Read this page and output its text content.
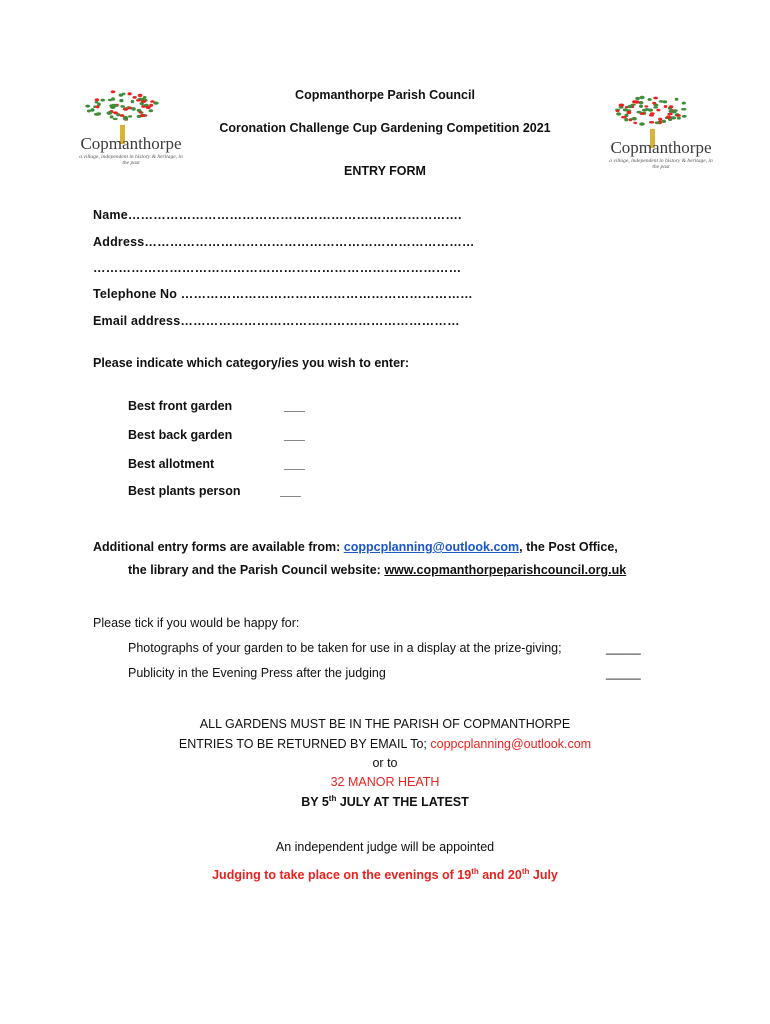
Copmanthorpe
a village, independent in history & heritage, in the past
Copmanthorpe
a village, independent in history & heritage, in the past
Copmanthorpe Parish Council
Coronation Challenge Cup Gardening Competition 2021
ENTRY FORM
Name…………………………………………………………………….
Address……………………………………………………………………
……………………………………………………………………………
Telephone No ……………………………………………………………
Email address…………………………………………………………
Please indicate which category/ies you wish to enter:
Best front garden	___
Best back garden	___
Best allotment	___
Best plants person	___
Additional entry forms are available from: coppcplanning@outlook.com, the Post Office,
the library and the Parish Council website: www.copmanthorpeparishcouncil.org.uk
Please tick if you would be happy for:
Photographs of your garden to be taken for use in a display at the prize-giving;	_____
Publicity in the Evening Press after the judging	_____
ALL GARDENS MUST BE IN THE PARISH OF COPMANTHORPE
ENTRIES TO BE RETURNED BY EMAIL To; coppcplanning@outlook.com
or to
32 MANOR HEATH
BY 5th JULY AT THE LATEST
An independent judge will be appointed
Judging to take place on the evenings of 19th and 20th July
